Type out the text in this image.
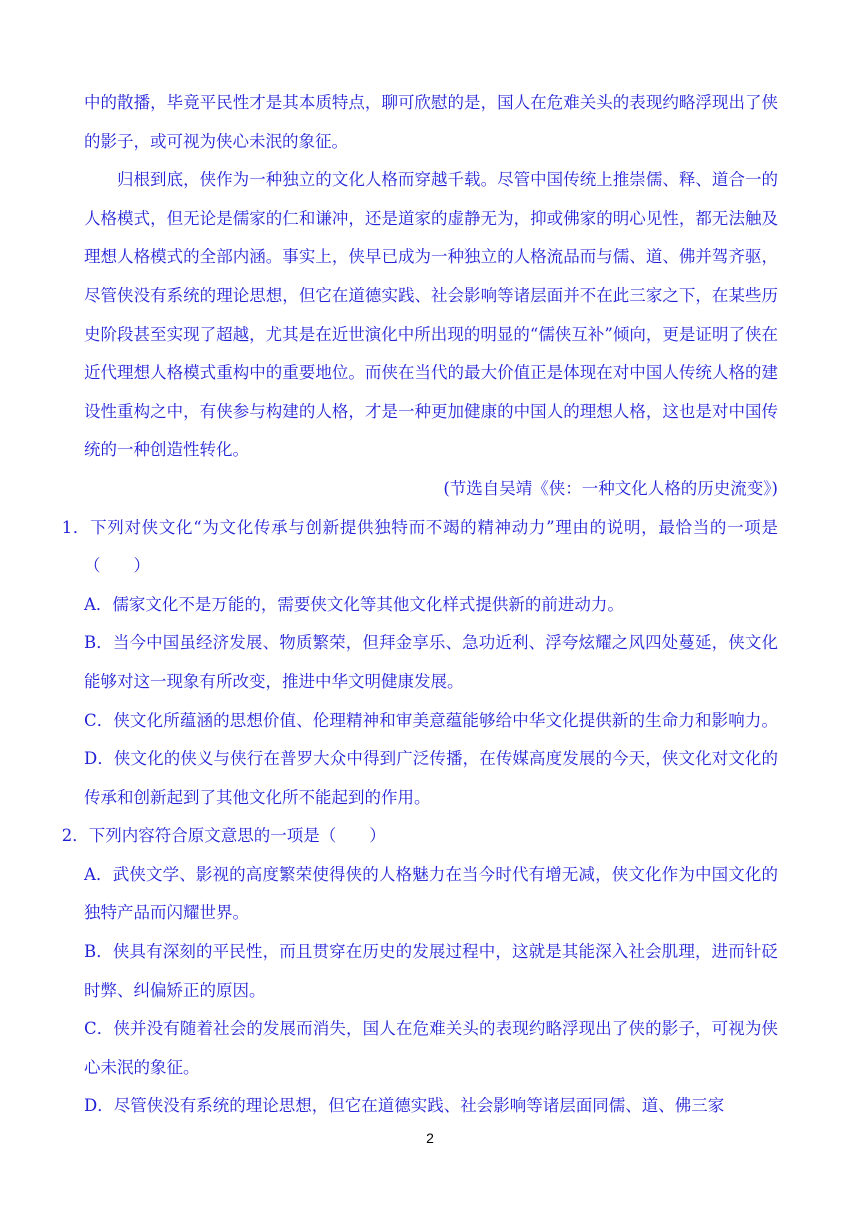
中的散播，毕竟平民性才是其本质特点，聊可欣慰的是，国人在危难关头的表现约略浮现出了侠的影子，或可视为侠心未泯的象征。

归根到底，侠作为一种独立的文化人格而穿越千载。尽管中国传统上推崇儒、释、道合一的人格模式，但无论是儒家的仁和谦冲，还是道家的虚静无为，抑或佛家的明心见性，都无法触及理想人格模式的全部内涵。事实上，侠早已成为一种独立的人格流品而与儒、道、佛并驾齐驱，尽管侠没有系统的理论思想，但它在道德实践、社会影响等诸层面并不在此三家之下，在某些历史阶段甚至实现了超越，尤其是在近世演化中所出现的明显的“儒侠互补”倾向，更是证明了侠在近代理想人格模式重构中的重要地位。而侠在当代的最大价值正是体现在对中国人传统人格的建设性重构之中，有侠参与构建的人格，才是一种更加健康的中国人的理想人格，这也是对中国传统的一种创造性转化。

(节选自吴靖《侠：一种文化人格的历史流变》)

1．下列对侠文化“为文化传承与创新提供独特而不竭的精神动力”理由的说明，最恰当的一项是（　　）

A．儒家文化不是万能的，需要侠文化等其他文化样式提供新的前进动力。

B．当今中国虽经济发展、物质繁荣，但拜金享乐、急功近利、浮夸炫耀之风四处蔓延，侠文化能够对这一现象有所改变，推进中华文明健康发展。

C．侠文化所蕴涵的思想价值、伦理精神和审美意蕴能够给中华文化提供新的生命力和影响力。D．侠文化的侠义与侠行在普罗大众中得到广泛传播，在传媒高度发展的今天，侠文化对文化的传承和创新起到了其他文化所不能起到的作用。

2．下列内容符合原文意思的一项是（　　）

A．武侠文学、影视的高度繁荣使得侠的人格魅力在当今时代有增无减，侠文化作为中国文化的独特产品而闪耀世界。

B．侠具有深刻的平民性，而且贯穿在历史的发展过程中，这就是其能深入社会肌理，进而针砭时弊、纠偏矫正的原因。

C．侠并没有随着社会的发展而消失，国人在危难关头的表现约略浮现出了侠的影子，可视为侠心未泯的象征。

D．尽管侠没有系统的理论思想，但它在道德实践、社会影响等诸层面同儒、道、佛三家

2
